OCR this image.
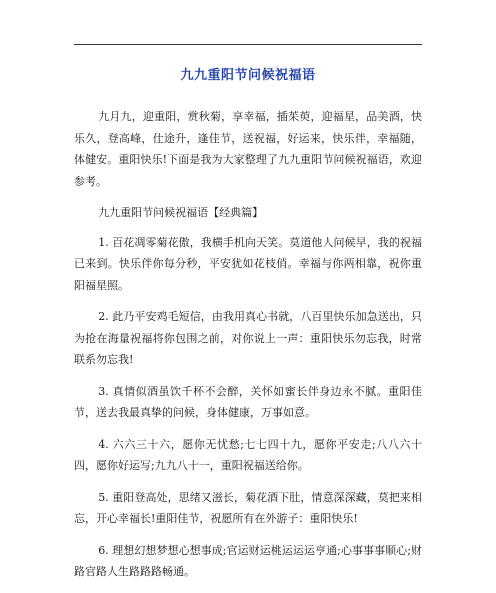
九九重阳节问候祝福语

九月九，迎重阳，赏秋菊，享幸福，插茱萸，迎福星，品美酒，快乐久，登高峰，仕途升，逢佳节，送祝福，好运来，快乐伴，幸福随，体健安。重阳快乐!下面是我为大家整理了九九重阳节问候祝福语，欢迎参考。

九九重阳节问候祝福语【经典篇】

1. 百花凋零菊花傲，我横手机向天笑。莫道他人问候早，我的祝福已来到。快乐伴你每分秒，平安犹如花枝俏。幸福与你两相靠，祝你重阳福星照。

2. 此乃平安鸡毛短信，由我用真心书就，八百里快乐加急送出，只为抢在海量祝福将你包围之前，对你说上一声：重阳快乐勿忘我，时常联系勿忘我!

3. 真情似酒虽饮千杯不会醉，关怀如蜜长伴身边永不腻。重阳佳节，送去我最真挚的问候，身体健康，万事如意。

4. 六六三十六，愿你无忧愁;七七四十九，愿你平安走;八八六十四，愿你好运写;九九八十一，重阳祝福送给你。

5. 重阳登高处，思绪又滋长，菊花酒下肚，情意深深藏，莫把来相忘，开心幸福长!重阳佳节，祝愿所有在外游子：重阳快乐!

6. 理想幻想梦想心想事成;官运财运桃运运运亨通;心事事事顺心;财路官路人生路路路畅通。
